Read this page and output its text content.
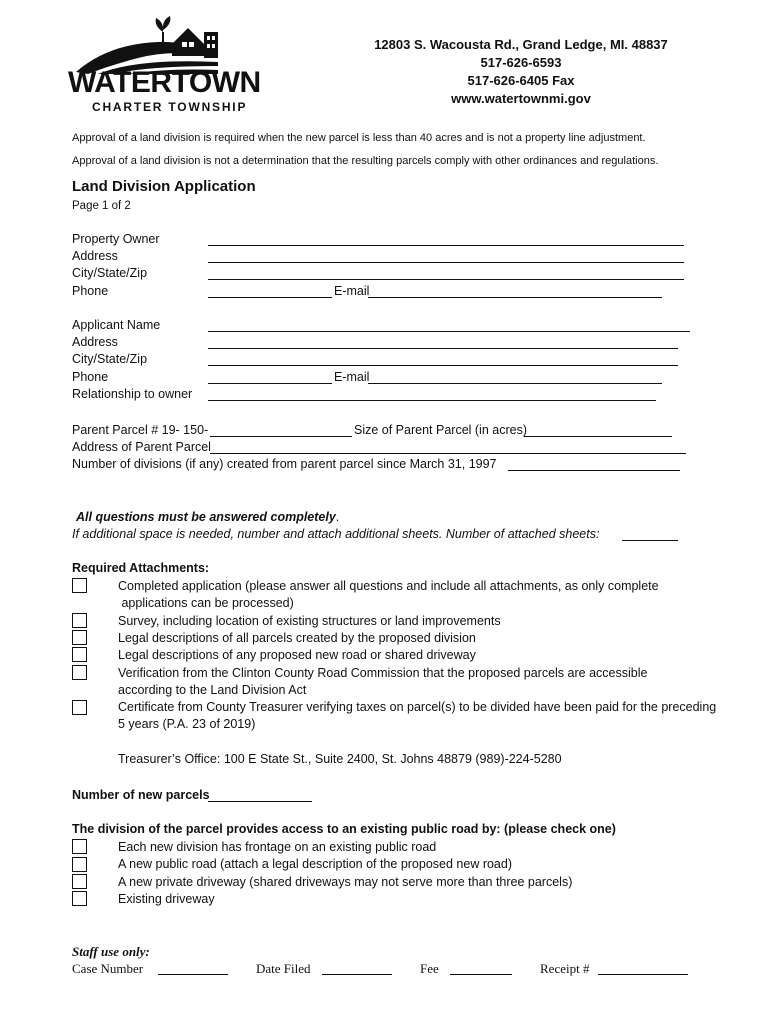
WATERTOWN
CHARTER TOWNSHIP
12803 S. Wacousta Rd., Grand Ledge, MI. 48837
517-626-6593
517-626-6405 Fax
www.watertownmi.gov
Approval of a land division is required when the new parcel is less than 40 acres and is not a property line adjustment.
Approval of a land division is not a determination that the resulting parcels comply with other ordinances and regulations.
Land Division Application
Page 1 of 2
Property Owner
Address
City/State/Zip
Phone	E-mail
Applicant Name
Address
City/State/Zip
Phone	E-mail
Relationship to owner
Parent Parcel # 19- 150-	Size of Parent Parcel (in acres)
Address of Parent Parcel
Number of divisions (if any) created from parent parcel since March 31, 1997
All questions must be answered completely.
If additional space is needed, number and attach additional sheets. Number of attached sheets:
Required Attachments:
Completed application (please answer all questions and include all attachments, as only complete
applications can be processed)
Survey, including location of existing structures or land improvements
Legal descriptions of all parcels created by the proposed division
Legal descriptions of any proposed new road or shared driveway
Verification from the Clinton County Road Commission that the proposed parcels are accessible
according to the Land Division Act
Certificate from County Treasurer verifying taxes on parcel(s) to be divided have been paid for the preceding
5 years (P.A. 23 of 2019)
Treasurer’s Office: 100 E State St., Suite 2400, St. Johns 48879 (989)-224-5280
Number of new parcels
The division of the parcel provides access to an existing public road by: (please check one)
Each new division has frontage on an existing public road
A new public road (attach a legal description of the proposed new road)
A new private driveway (shared driveways may not serve more than three parcels)
Existing driveway
Staff use only:
Case Number	Date Filed	Fee	Receipt #
